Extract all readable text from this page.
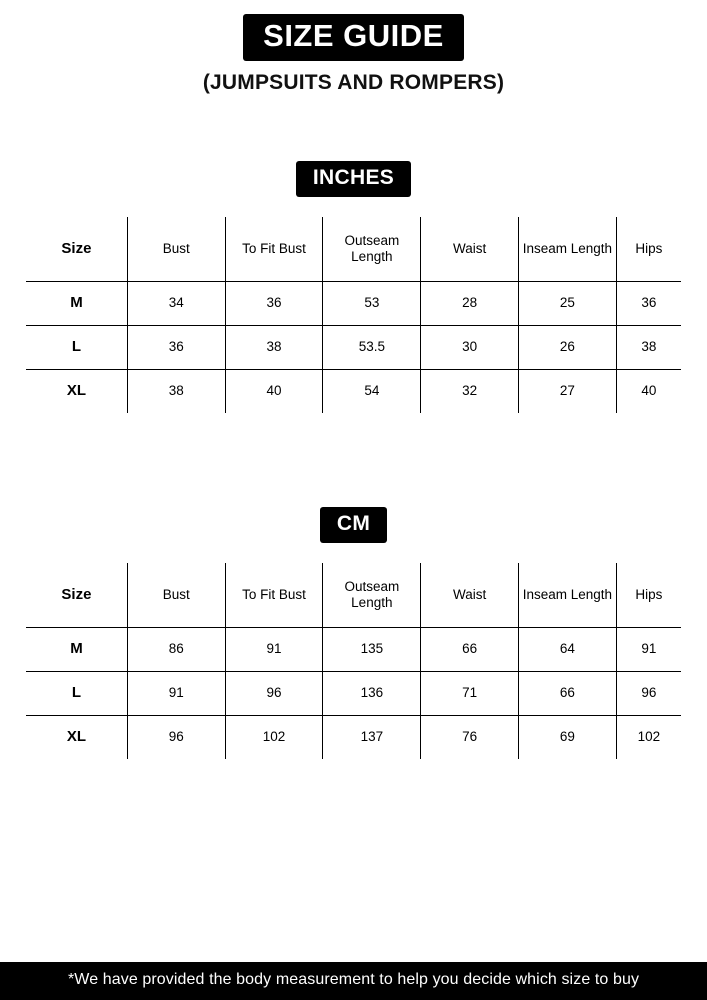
SIZE GUIDE
(JUMPSUITS AND ROMPERS)
INCHES
Size	Bust	To Fit Bust	Outseam Length	Waist	Inseam Length	Hips
M	34	36	53	28	25	36
L	36	38	53.5	30	26	38
XL	38	40	54	32	27	40
CM
Size	Bust	To Fit Bust	Outseam Length	Waist	Inseam Length	Hips
M	86	91	135	66	64	91
L	91	96	136	71	66	96
XL	96	102	137	76	69	102
*We have provided the body measurement to help you decide which size to buy
